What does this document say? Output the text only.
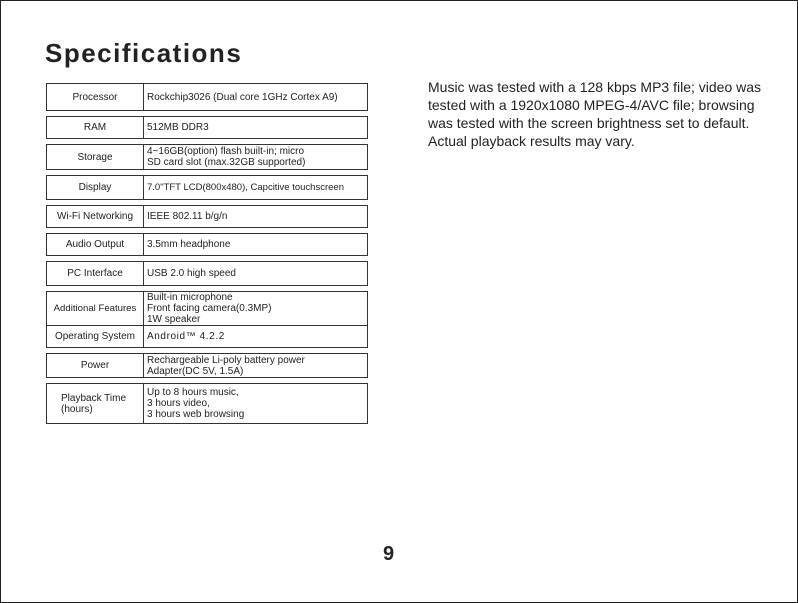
Specifications
Processor	Rockchip3026 (Dual core 1GHz Cortex A9)

RAM	512MB DDR3

Storage	4~16GB(option) flash built-in; micro
SD card slot (max.32GB supported)

Display	7.0"TFT LCD(800x480), Capcitive touchscreen

Wi-Fi Networking	IEEE 802.11 b/g/n

Audio Output	3.5mm headphone

PC Interface	USB 2.0 high speed

Additional Features	Built-in microphone
Front facing camera(0.3MP)
1W speaker

Operating System	Android™ 4.2.2

Power	Rechargeable Li-poly battery power
Adapter(DC 5V, 1.5A)

Playback Time
(hours)	Up to 8 hours music,
3 hours video,
3 hours web browsing

Music was tested with a 128 kbps MP3 file; video was tested with a 1920x1080 MPEG-4/AVC file; browsing was tested with the screen brightness set to default. Actual playback results may vary.

9
